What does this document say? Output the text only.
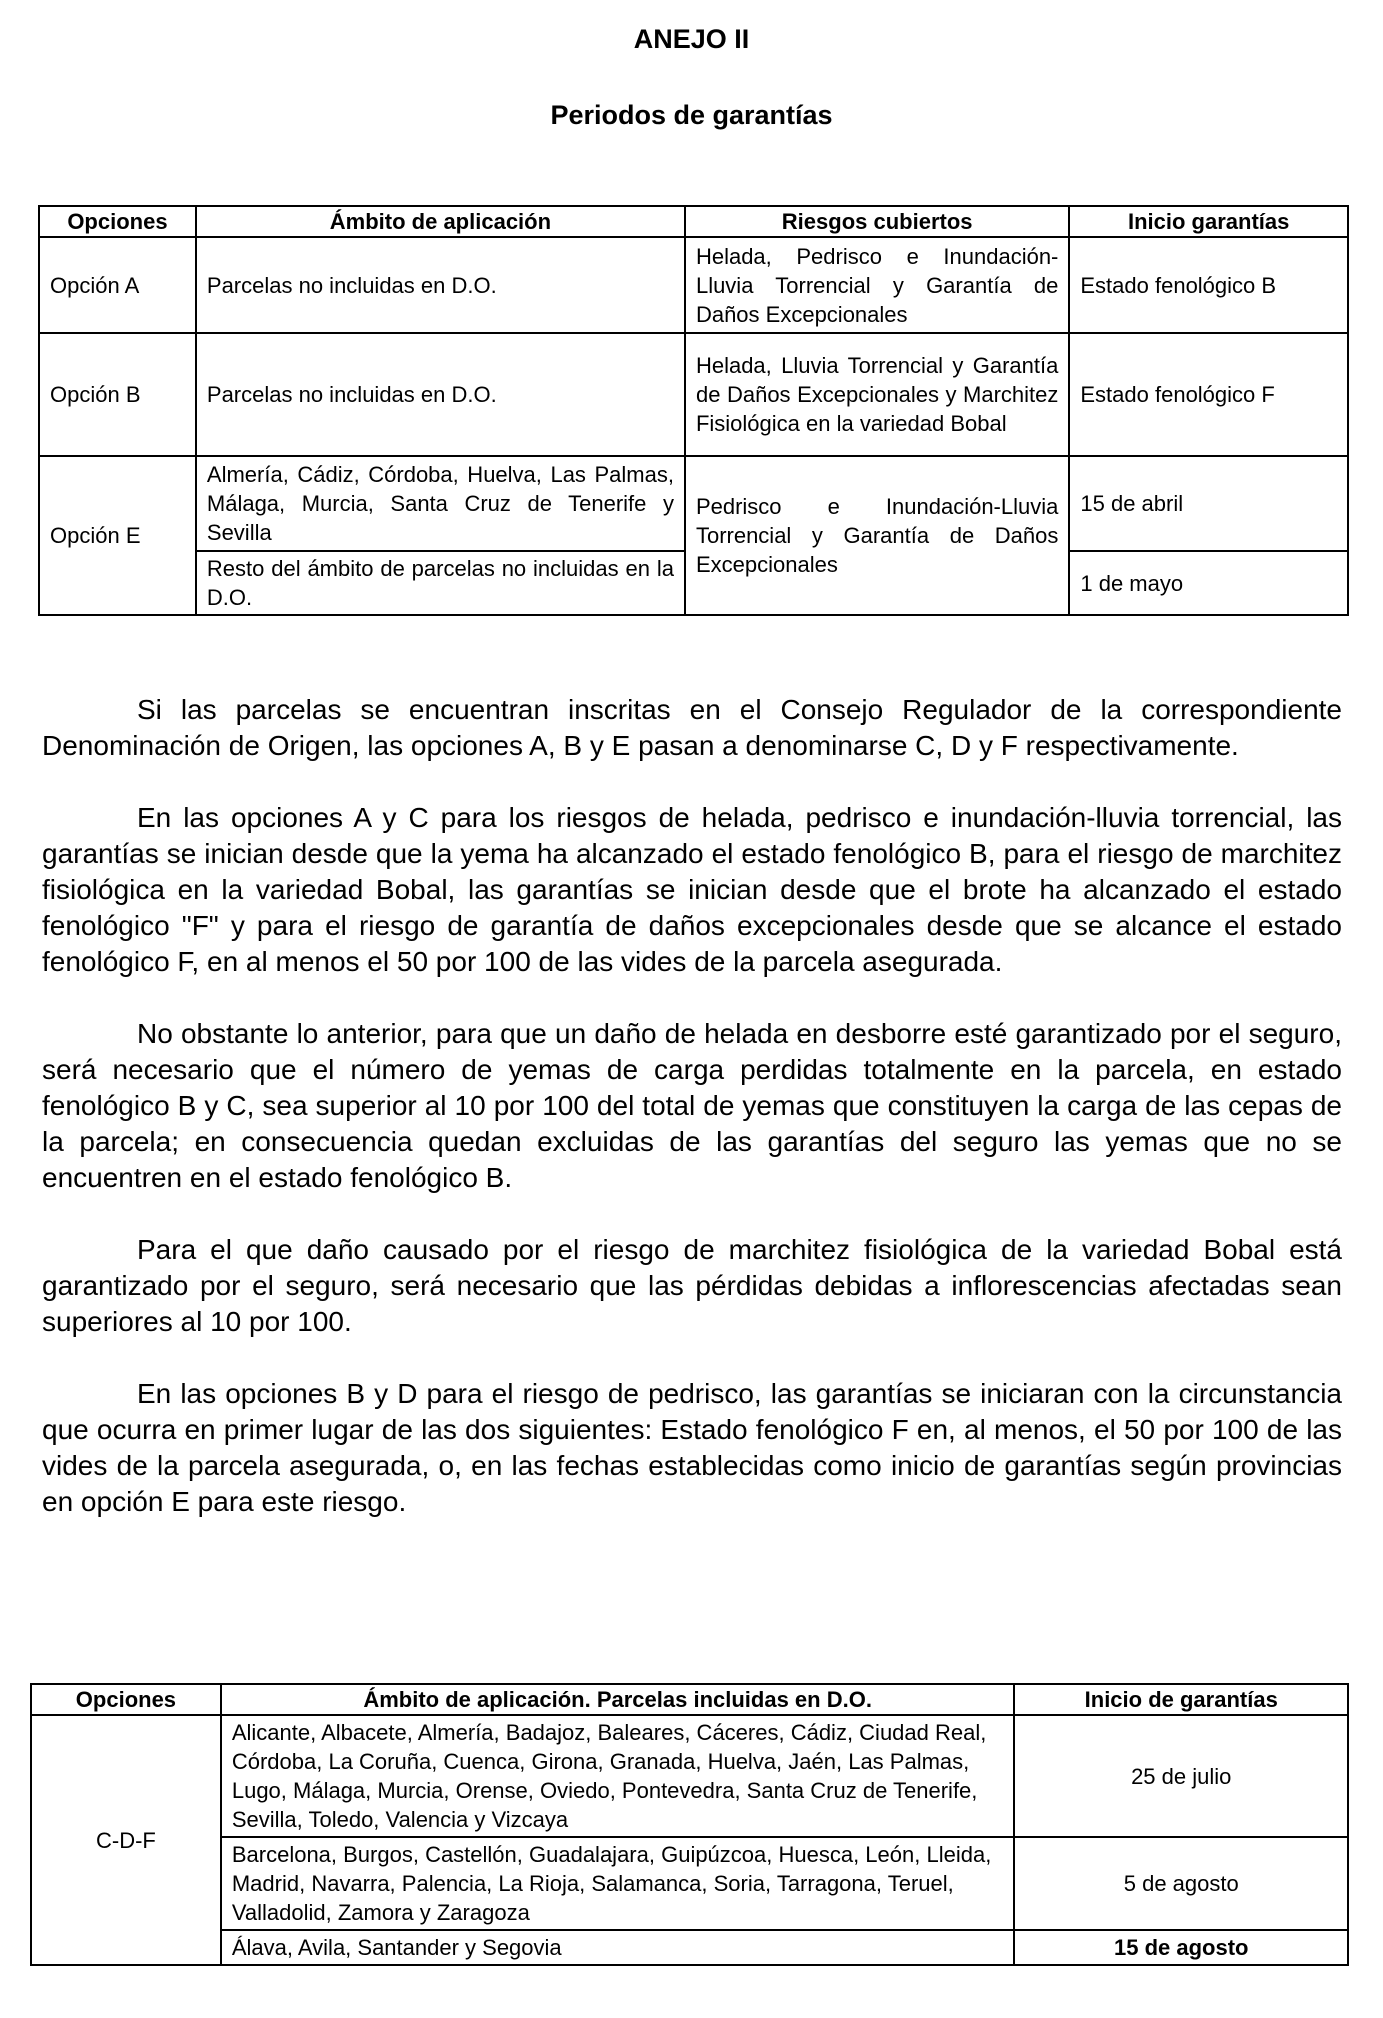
ANEJO II
Periodos de garantías
Opciones	Ámbito de aplicación	Riesgos cubiertos	Inicio garantías
Opción A	Parcelas no incluidas en D.O.	Helada, Pedrisco e Inundación-Lluvia Torrencial y Garantía de Daños Excepcionales	Estado fenológico B
Opción B	Parcelas no incluidas en D.O.	Helada, Lluvia Torrencial y Garantía de Daños Excepcionales y Marchitez Fisiológica en la variedad Bobal	Estado fenológico F
Opción E	Almería, Cádiz, Córdoba, Huelva, Las Palmas, Málaga, Murcia, Santa Cruz de Tenerife y Sevilla	Pedrisco e Inundación-Lluvia Torrencial y Garantía de Daños Excepcionales	15 de abril
	Resto del ámbito de parcelas no incluidas en la D.O.		1 de mayo

Si las parcelas se encuentran inscritas en el Consejo Regulador de la correspondiente Denominación de Origen, las opciones A, B y E pasan a denominarse C, D y F respectivamente.

En las opciones A y C para los riesgos de helada, pedrisco e inundación-lluvia torrencial, las garantías se inician desde que la yema ha alcanzado el estado fenológico B, para el riesgo de marchitez fisiológica en la variedad Bobal, las garantías se inician desde que el brote ha alcanzado el estado fenológico "F" y para el riesgo de garantía de daños excepcionales desde que se alcance el estado fenológico F, en al menos el 50 por 100 de las vides de la parcela asegurada.

No obstante lo anterior, para que un daño de helada en desborre esté garantizado por el seguro, será necesario que el número de yemas de carga perdidas totalmente en la parcela, en estado fenológico B y C, sea superior al 10 por 100 del total de yemas que constituyen la carga de las cepas de la parcela; en consecuencia quedan excluidas de las garantías del seguro las yemas que no se encuentren en el estado fenológico B.

Para el que daño causado por el riesgo de marchitez fisiológica de la variedad Bobal está garantizado por el seguro, será necesario que las pérdidas debidas a inflorescencias afectadas sean superiores al 10 por 100.

En las opciones B y D para el riesgo de pedrisco, las garantías se iniciaran con la circunstancia que ocurra en primer lugar de las dos siguientes: Estado fenológico F en, al menos, el 50 por 100 de las vides de la parcela asegurada, o, en las fechas establecidas como inicio de garantías según provincias en opción E para este riesgo.

Opciones	Ámbito de aplicación. Parcelas incluidas en D.O.	Inicio de garantías
C-D-F	Alicante, Albacete, Almería, Badajoz, Baleares, Cáceres, Cádiz, Ciudad Real, Córdoba, La Coruña, Cuenca, Girona, Granada, Huelva, Jaén, Las Palmas, Lugo, Málaga, Murcia, Orense, Oviedo, Pontevedra, Santa Cruz de Tenerife, Sevilla, Toledo, Valencia y Vizcaya	25 de julio
	Barcelona, Burgos, Castellón, Guadalajara, Guipúzcoa, Huesca, León, Lleida, Madrid, Navarra, Palencia, La Rioja, Salamanca, Soria, Tarragona, Teruel, Valladolid, Zamora y Zaragoza	5 de agosto
	Álava, Avila, Santander y Segovia	15 de agosto
